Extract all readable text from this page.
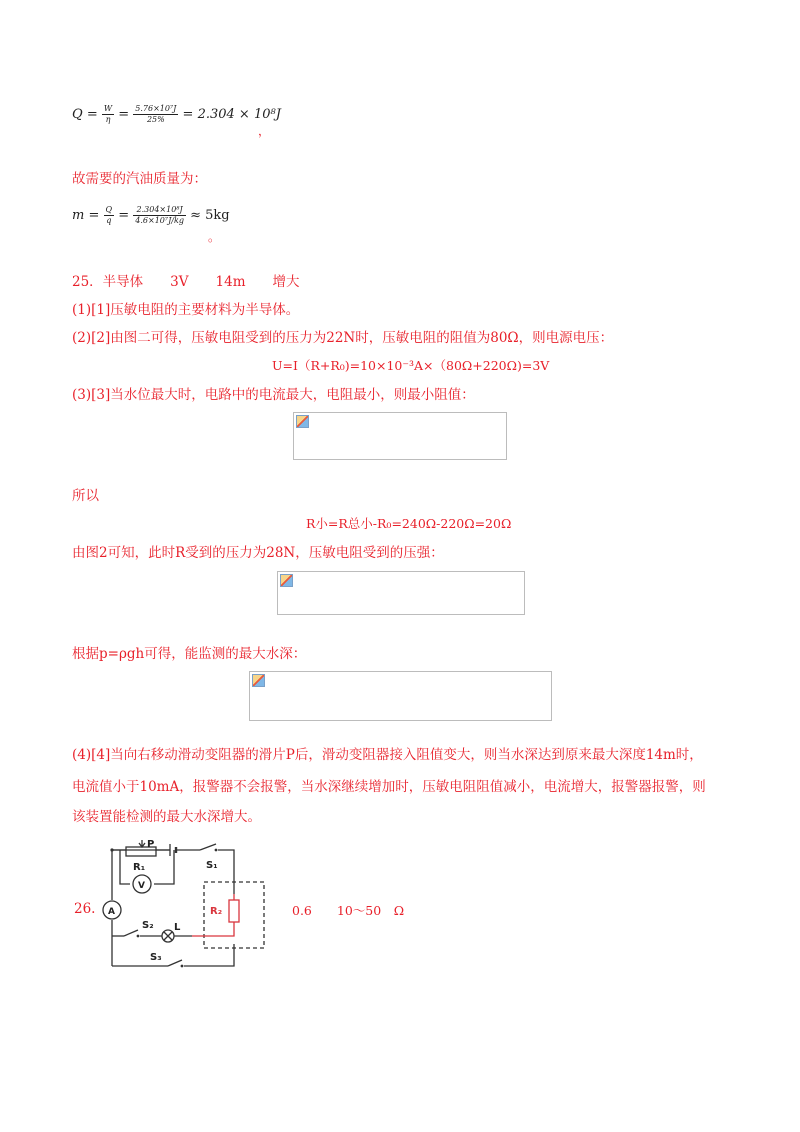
$Q = \frac{W}{\eta} = \frac{\text{5.76×10⁷J}}{25\%} = 2.304 \times 10^8J$
，
故需要的汽油质量为：
$m = \frac{Q}{q} = \frac{\text{2.304×10⁸J}}{\text{4.6×10⁷J/kg}} \approx 5kg$
。
25．半导体　　3V　　14m　　增大
(1)[1]压敏电阻的主要材料为半导体。
(2)[2]由图二可得，压敏电阻受到的压力为22N时，压敏电阻的阻值为80Ω，则电源电压：
U=I（R+R₀)=10×10⁻³A×（80Ω+220Ω)=3V
(3)[3]当水位最大时，电路中的电流最大，电阻最小，则最小阻值：
所以
R小=R总小-R₀=240Ω-220Ω=20Ω
由图2可知，此时R受到的压力为28N，压敏电阻受到的压强：
根据p=ρgh可得，能监测的最大水深：
(4)[4]当向右移动滑动变阻器的滑片P后，滑动变阻器接入阻值变大，则当水深达到原来最大深度14m时，
电流值小于10mA，报警器不会报警，当水深继续增加时，压敏电阻阻值减小，电流增大，报警器报警，则
该装置能检测的最大水深增大。
26.
P
R₁	S₁
V
A
S₂ L
S₃
R₂	0.6　　10～50　Ω
